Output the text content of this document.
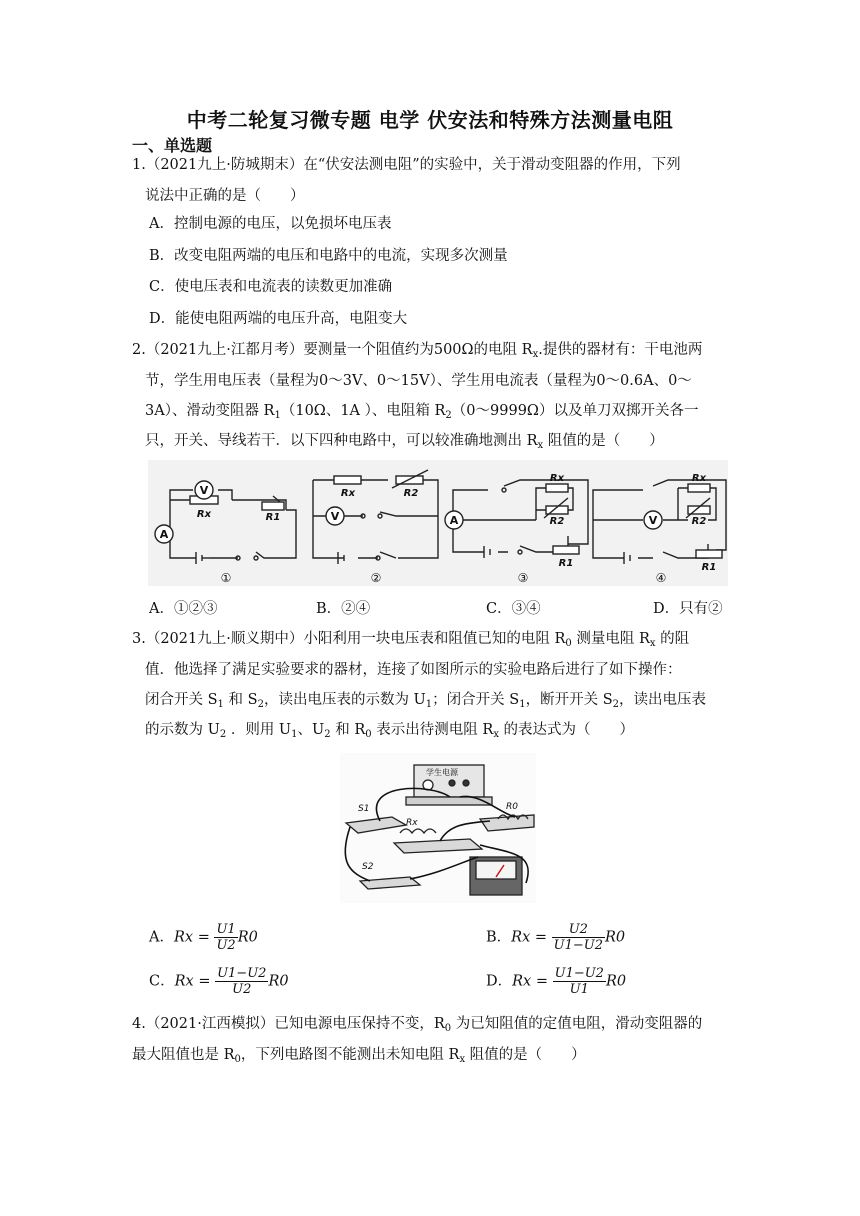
中考二轮复习微专题 电学 伏安法和特殊方法测量电阻
一、单选题
1.（2021九上·防城期末）在“伏安法测电阻”的实验中，关于滑动变阻器的作用，下列
说法中正确的是（　　）
A．控制电源的电压，以免损坏电压表
B．改变电阻两端的电压和电路中的电流，实现多次测量
C．使电压表和电流表的读数更加准确
D．能使电阻两端的电压升高，电阻变大
2.（2021九上·江都月考）要测量一个阻值约为500Ω的电阻 $R_x$.提供的器材有：干电池两
节，学生用电压表（量程为0～3V、0～15V）、学生用电流表（量程为0～0.6A、0～
3A）、滑动变阻器 $R_1(10\Omega$、1A ）、电阻箱 $R_2(0\sim 9999\Omega)$以及单刀双掷开关各一
只，开关、导线若干．以下四种电路中，可以较准确地测出 $R_x$ 阻值的是（　　）
V
A
Rx	R1	V
Rx	R2
A
Rx
R2
R1
V
Rx
R2
R1
①	②	③	④
A．①②③	B．②④	C．③④	D．只有②
3.（2021九上·顺义期中）小阳利用一块电压表和阻值已知的电阻 $R_0$ 测量电阻 $R_x$ 的阻
值．他选择了满足实验要求的器材，连接了如图所示的实验电路后进行了如下操作：
闭合开关 $S_1$ 和 $S_2$，读出电压表的示数为 $U_1$；闭合开关 $S_1$，断开开关 $S_2$，读出电压表
的示数为 $U_2$ ．则用 $U_1$、$U_2$ 和 $R_0$ 表示出待测电阻 $R_x$ 的表达式为（　　）
学生电源
S1
S2
Rx
R0
A．$Rx = \frac{U1}{U2} R0$	B．$Rx = \frac{U2}{U1-U2} R0$
C．$Rx = \frac{U1-U2}{U2} R0$	D．$Rx = \frac{U1-U2}{U1} R0$
4.（2021·江西模拟）已知电源电压保持不变，$R_0$ 为已知阻值的定值电阻，滑动变阻器的
最大阻值也是 $R_0$，下列电路图不能测出未知电阻 $R_x$ 阻值的是（　　）
